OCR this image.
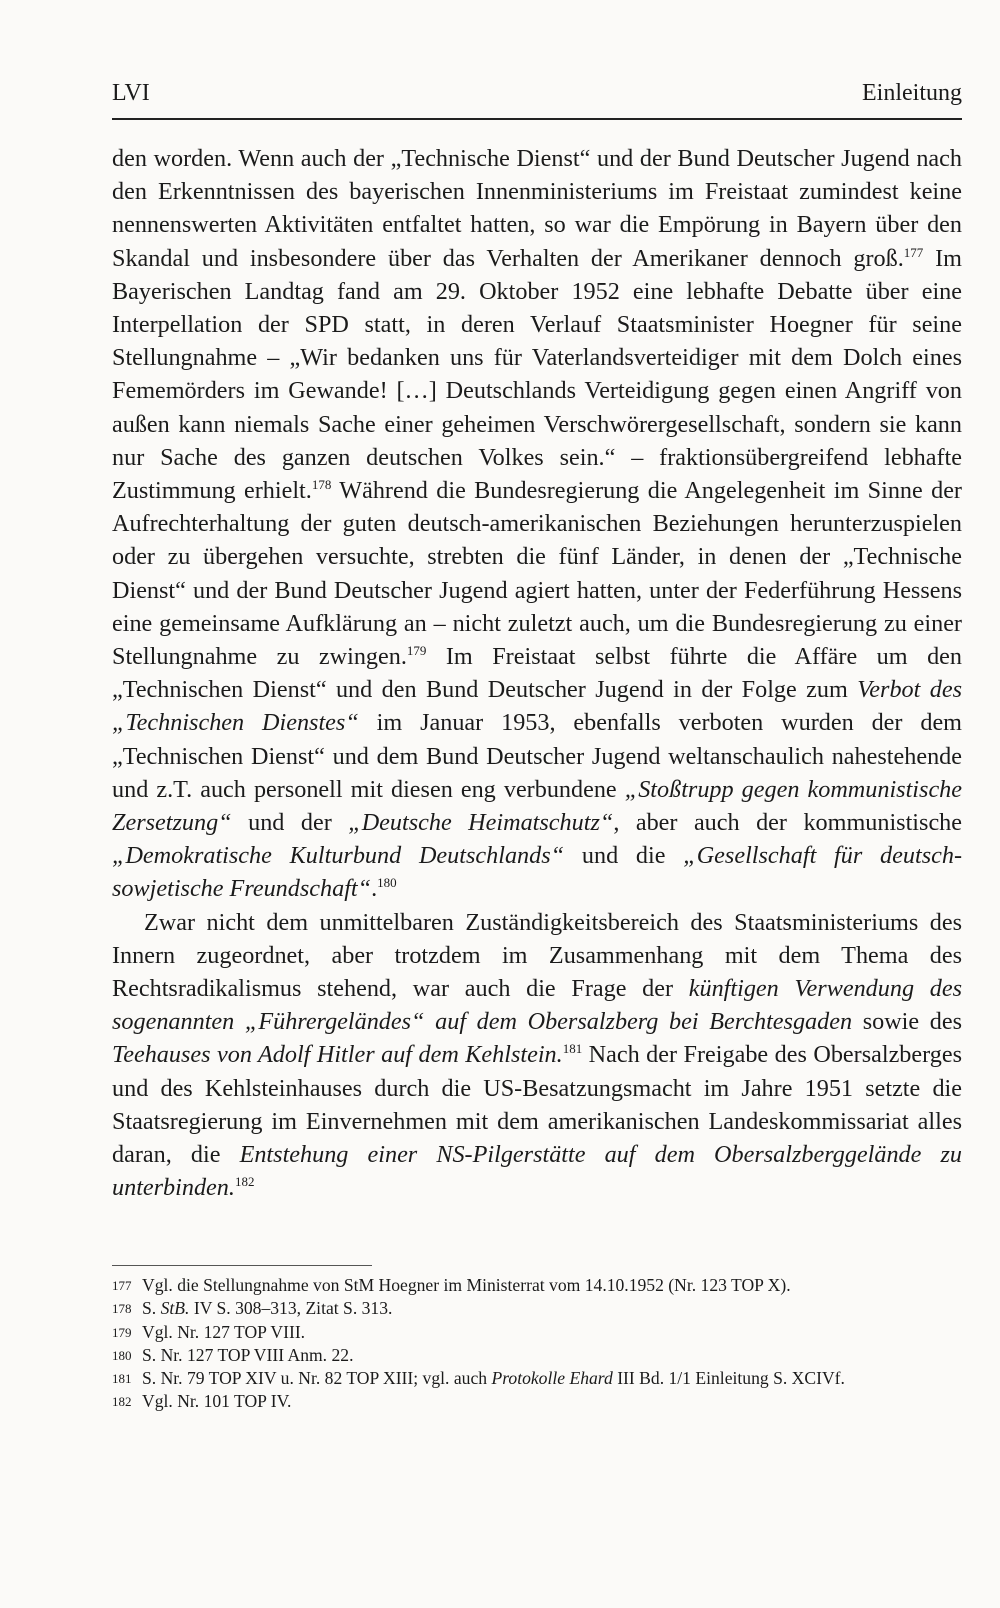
LVI	Einleitung

den worden. Wenn auch der „Technische Dienst“ und der Bund Deutscher Jugend nach den Erkenntnissen des bayerischen Innenministeriums im Freistaat zumindest keine nennenswerten Aktivitäten entfaltet hatten, so war die Empörung in Bayern über den Skandal und insbesondere über das Verhalten der Amerikaner dennoch groß.$^{177}$ Im Bayerischen Landtag fand am 29. Oktober 1952 eine lebhafte Debatte über eine Interpellation der SPD statt, in deren Verlauf Staatsminister Hoegner für seine Stellungnahme – „Wir bedanken uns für Vaterlandsverteidiger mit dem Dolch eines Fememörders im Gewande! […] Deutschlands Verteidigung gegen einen Angriff von außen kann niemals Sache einer geheimen Verschwörergesellschaft, sondern sie kann nur Sache des ganzen deutschen Volkes sein.“ – fraktionsübergreifend lebhafte Zustimmung erhielt.$^{178}$ Während die Bundesregierung die Angelegenheit im Sinne der Aufrechterhaltung der guten deutsch-amerikanischen Beziehungen herunterzuspielen oder zu übergehen versuchte, strebten die fünf Länder, in denen der „Technische Dienst“ und der Bund Deutscher Jugend agiert hatten, unter der Federführung Hessens eine gemeinsame Aufklärung an – nicht zuletzt auch, um die Bundesregierung zu einer Stellungnahme zu zwingen.$^{179}$ Im Freistaat selbst führte die Affäre um den „Technischen Dienst“ und den Bund Deutscher Jugend in der Folge zum Verbot des „Technischen Dienstes“ im Januar 1953, ebenfalls verboten wurden der dem „Technischen Dienst“ und dem Bund Deutscher Jugend weltanschaulich nahestehende und z.T. auch personell mit diesen eng verbundene „Stoßtrupp gegen kommunistische Zersetzung“ und der „Deutsche Heimatschutz“, aber auch der kommunistische „Demokratische Kulturbund Deutschlands“ und die „Gesellschaft für deutsch-sowjetische Freundschaft“.$^{180}$

Zwar nicht dem unmittelbaren Zuständigkeitsbereich des Staatsministeriums des Innern zugeordnet, aber trotzdem im Zusammenhang mit dem Thema des Rechtsradikalismus stehend, war auch die Frage der künftigen Verwendung des sogenannten „Führergeländes“ auf dem Obersalzberg bei Berchtesgaden sowie des Teehauses von Adolf Hitler auf dem Kehlstein.$^{181}$ Nach der Freigabe des Obersalzberges und des Kehlsteinhauses durch die US-Besatzungsmacht im Jahre 1951 setzte die Staatsregierung im Einvernehmen mit dem amerikanischen Landeskommissariat alles daran, die Entstehung einer NS-Pilgerstätte auf dem Obersalzberggelände zu unterbinden.$^{182}$

177 Vgl. die Stellungnahme von StM Hoegner im Ministerrat vom 14.10.1952 (Nr. 123 TOP X).
178 S. StB. IV S. 308–313, Zitat S. 313.
179 Vgl. Nr. 127 TOP VIII.
180 S. Nr. 127 TOP VIII Anm. 22.
181 S. Nr. 79 TOP XIV u. Nr. 82 TOP XIII; vgl. auch Protokolle Ehard III Bd. 1/1 Einleitung S. XCIVf.
182 Vgl. Nr. 101 TOP IV.
